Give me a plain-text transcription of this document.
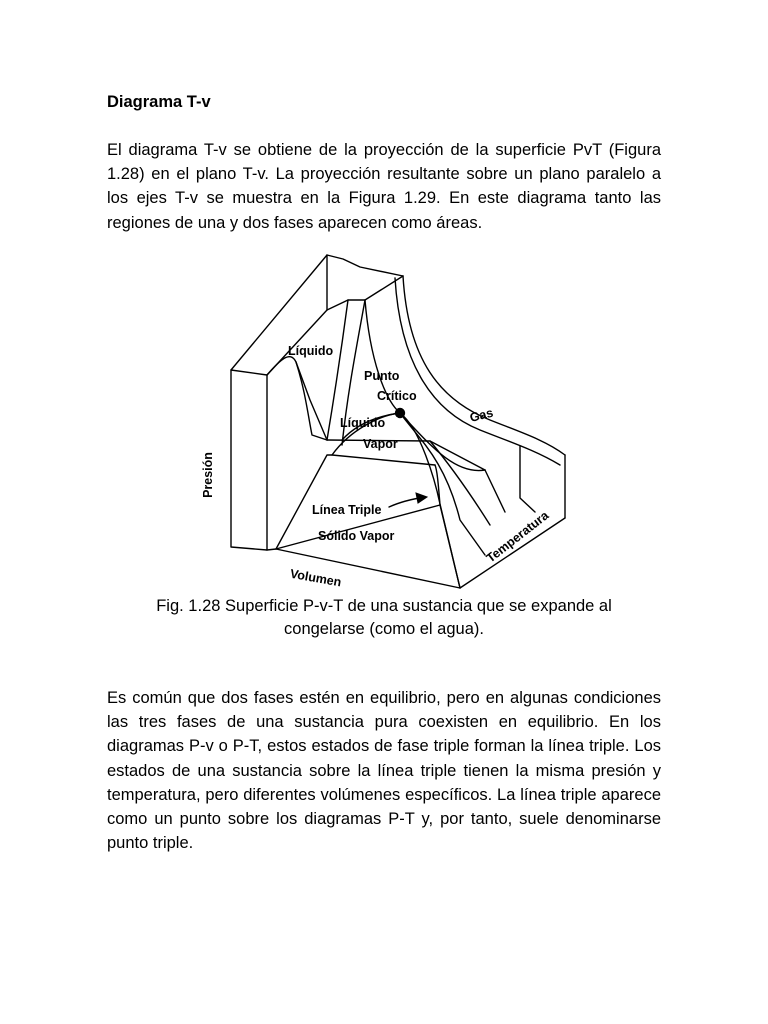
Diagrama T-v

El diagrama T-v se obtiene de la proyección de la superficie PvT (Figura 1.28) en el plano T-v. La proyección resultante sobre un plano paralelo a los ejes T-v se muestra en la Figura 1.29. En este diagrama tanto las regiones de una y dos fases aparecen como áreas.

Líquido
Punto
Crítico
Líquido
Vapor
Gas
Línea Triple
Sólido Vapor
Presión
Volumen
Temperatura
Fig. 1.28 Superficie P-v-T de una sustancia que se expande al
congelarse (como el agua).

Es común que dos fases estén en equilibrio, pero en algunas condiciones las tres fases de una sustancia pura coexisten en equilibrio. En los diagramas P-v o P-T, estos estados de fase triple forman la línea triple. Los estados de una sustancia sobre la línea triple tienen la misma presión y temperatura, pero diferentes volúmenes específicos. La línea triple aparece como un punto sobre los diagramas P-T y, por tanto, suele denominarse punto triple.
